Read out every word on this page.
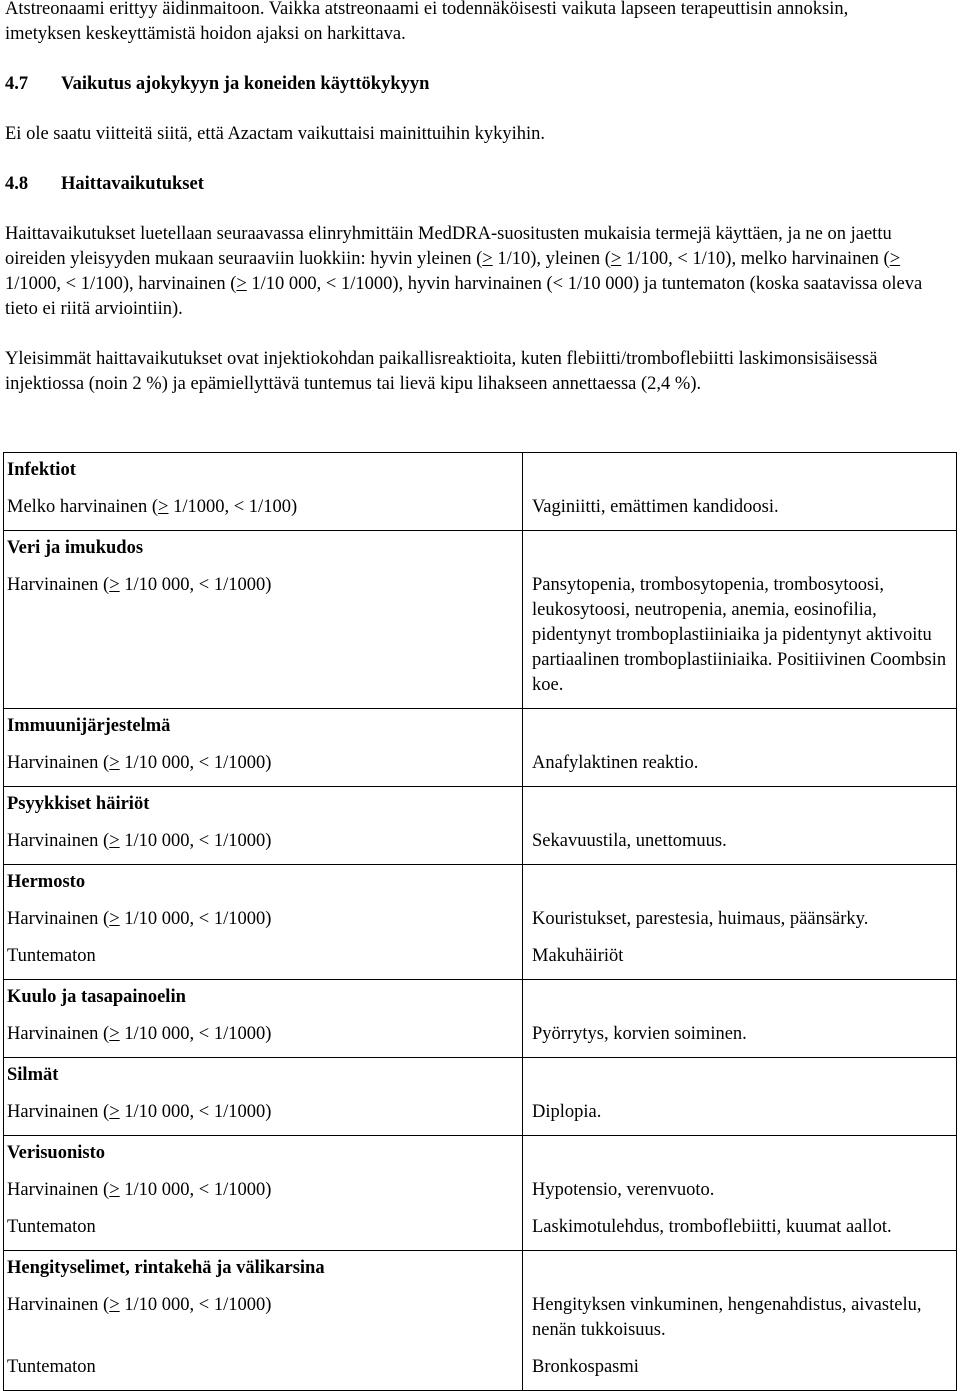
Atstreonaami erittyy äidinmaitoon. Vaikka atstreonaami ei todennäköisesti vaikuta lapseen terapeuttisin annoksin, imetyksen keskeyttämistä hoidon ajaksi on harkittava.

4.7	Vaikutus ajokykyyn ja koneiden käyttökykyyn

Ei ole saatu viitteitä siitä, että Azactam vaikuttaisi mainittuihin kykyihin.

4.8	Haittavaikutukset

Haittavaikutukset luetellaan seuraavassa elinryhmittäin MedDRA-suositusten mukaisia termejä käyttäen, ja ne on jaettu oireiden yleisyyden mukaan seuraaviin luokkiin: hyvin yleinen (> 1/10), yleinen (> 1/100, < 1/10), melko harvinainen (> 1/1000, < 1/100), harvinainen (> 1/10 000, < 1/1000), hyvin harvinainen (< 1/10 000) ja tuntematon (koska saatavissa oleva tieto ei riitä arviointiin).

Yleisimmät haittavaikutukset ovat injektiokohdan paikallisreaktioita, kuten flebiitti/tromboflebiitti laskimonsisäisessä injektiossa (noin 2 %) ja epämiellyttävä tuntemus tai lievä kipu lihakseen annettaessa (2,4 %).

Infektiot	
Melko harvinainen (≥ 1/1000, < 1/100)	Vaginiitti, emättimen kandidoosi.
Veri ja imukudos	
Harvinainen (≥ 1/10 000, < 1/1000)	Pansytopenia, trombosytopenia, trombosytoosi, leukosytoosi, neutropenia, anemia, eosinofilia, pidentynyt tromboplastiiniaika ja pidentynyt aktivoitu partiaalinen tromboplastiiniaika. Positiivinen Coombsin koe.
Immuunijärjestelmä	
Harvinainen (≥ 1/10 000, < 1/1000)	Anafylaktinen reaktio.
Psyykkiset häiriöt	
Harvinainen (≥ 1/10 000, < 1/1000)	Sekavuustila, unettomuus.
Hermosto	
Harvinainen (≥ 1/10 000, < 1/1000)	Kouristukset, parestesia, huimaus, päänsärky.
Tuntematon	Makuhäiriöt
Kuulo ja tasapainoelin	
Harvinainen (≥ 1/10 000, < 1/1000)	Pyörrytys, korvien soiminen.
Silmät	
Harvinainen (≥ 1/10 000, < 1/1000)	Diplopia.
Verisuonisto	
Harvinainen (≥ 1/10 000, < 1/1000)	Hypotensio, verenvuoto.
Tuntematon	Laskimotulehdus, tromboflebiitti, kuumat aallot.
Hengityselimet, rintakehä ja välikarsina	
Harvinainen (≥ 1/10 000, < 1/1000)	Hengityksen vinkuminen, hengenahdistus, aivastelu, nenän tukkoisuus.
Tuntematon	Bronkospasmi
